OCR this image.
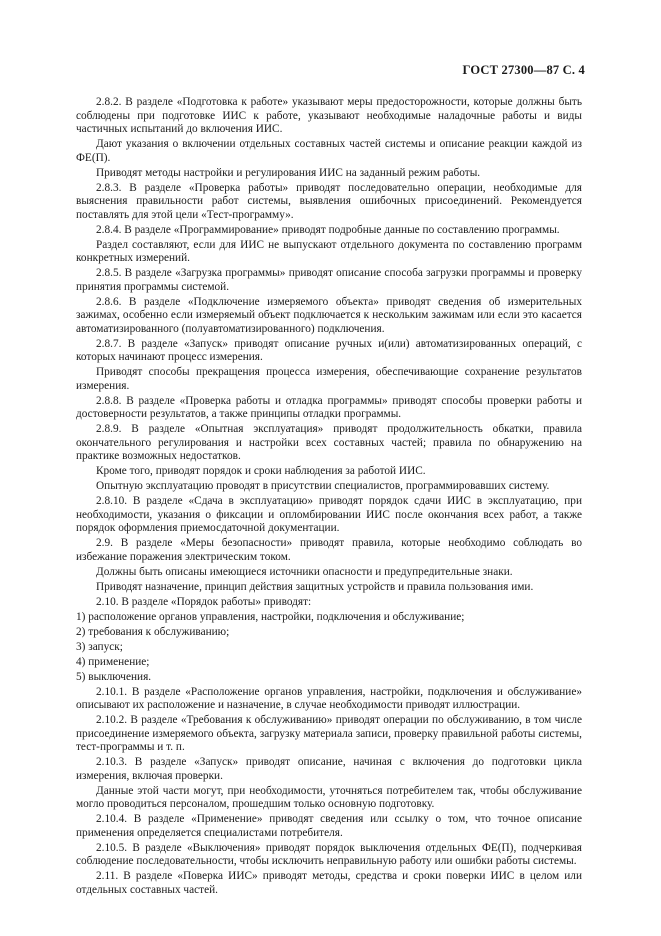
ГОСТ 27300—87 С. 4

2.8.2. В разделе «Подготовка к работе» указывают меры предосторожности, которые должны быть соблюдены при подготовке ИИС к работе, указывают необходимые наладочные работы и виды частичных испытаний до включения ИИС.

Дают указания о включении отдельных составных частей системы и описание реакции каждой из ФЕ(П).

Приводят методы настройки и регулирования ИИС на заданный режим работы.

2.8.3. В разделе «Проверка работы» приводят последовательно операции, необходимые для выяснения правильности работ системы, выявления ошибочных присоединений. Рекомендуется поставлять для этой цели «Тест-программу».

2.8.4. В разделе «Программирование» приводят подробные данные по составлению программы.

Раздел составляют, если для ИИС не выпускают отдельного документа по составлению программ конкретных измерений.

2.8.5. В разделе «Загрузка программы» приводят описание способа загрузки программы и проверку принятия программы системой.

2.8.6. В разделе «Подключение измеряемого объекта» приводят сведения об измерительных зажимах, особенно если измеряемый объект подключается к нескольким зажимам или если это касается автоматизированного (полуавтоматизированного) подключения.

2.8.7. В разделе «Запуск» приводят описание ручных и(или) автоматизированных операций, с которых начинают процесс измерения.

Приводят способы прекращения процесса измерения, обеспечивающие сохранение результатов измерения.

2.8.8. В разделе «Проверка работы и отладка программы» приводят способы проверки работы и достоверности результатов, а также принципы отладки программы.

2.8.9. В разделе «Опытная эксплуатация» приводят продолжительность обкатки, правила окончательного регулирования и настройки всех составных частей; правила по обнаружению на практике возможных недостатков.

Кроме того, приводят порядок и сроки наблюдения за работой ИИС.

Опытную эксплуатацию проводят в присутствии специалистов, программировавших систему.

2.8.10. В разделе «Сдача в эксплуатацию» приводят порядок сдачи ИИС в эксплуатацию, при необходимости, указания о фиксации и опломбировании ИИС после окончания всех работ, а также порядок оформления приемосдаточной документации.

2.9. В разделе «Меры безопасности» приводят правила, которые необходимо соблюдать во избежание поражения электрическим током.

Должны быть описаны имеющиеся источники опасности и предупредительные знаки.

Приводят назначение, принцип действия защитных устройств и правила пользования ими.

2.10. В разделе «Порядок работы» приводят:

1) расположение органов управления, настройки, подключения и обслуживание;

2) требования к обслуживанию;

3) запуск;

4) применение;

5) выключения.

2.10.1. В разделе «Расположение органов управления, настройки, подключения и обслуживание» описывают их расположение и назначение, в случае необходимости приводят иллюстрации.

2.10.2. В разделе «Требования к обслуживанию» приводят операции по обслуживанию, в том числе присоединение измеряемого объекта, загрузку материала записи, проверку правильной работы системы, тест-программы и т. п.

2.10.3. В разделе «Запуск» приводят описание, начиная с включения до подготовки цикла измерения, включая проверки.

Данные этой части могут, при необходимости, уточняться потребителем так, чтобы обслуживание могло проводиться персоналом, прошедшим только основную подготовку.

2.10.4. В разделе «Применение» приводят сведения или ссылку о том, что точное описание применения определяется специалистами потребителя.

2.10.5. В разделе «Выключения» приводят порядок выключения отдельных ФЕ(П), подчеркивая соблюдение последовательности, чтобы исключить неправильную работу или ошибки работы системы.

2.11. В разделе «Поверка ИИС» приводят методы, средства и сроки поверки ИИС в целом или отдельных составных частей.
